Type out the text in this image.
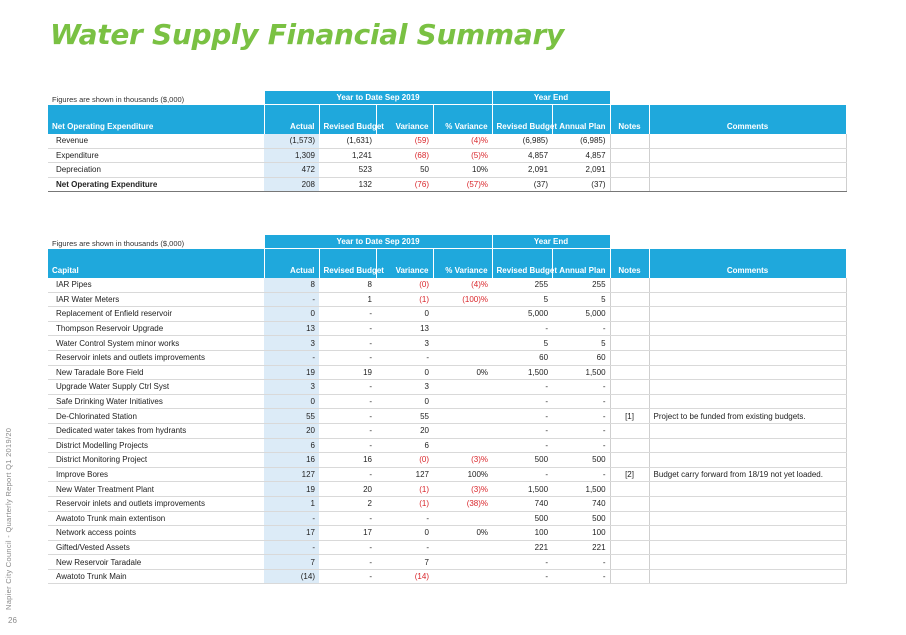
Water Supply Financial Summary
Napier City Council - Quarterly Report Q1 2019/20
26
Figures are shown in thousands ($,000)	Year to Date Sep 2019				Year End			
Net Operating Expenditure	Actual	Revised Budget	Variance	% Variance	Revised Budget	Annual Plan	Notes	Comments
Revenue	(1,573)	(1,631)	(59)	(4)%	(6,985)	(6,985)		
Expenditure	1,309	1,241	(68)	(5)%	4,857	4,857		
Depreciation	472	523	50	10%	2,091	2,091		
Net Operating Expenditure	208	132	(76)	(57)%	(37)	(37)		
Figures are shown in thousands ($,000)	Year to Date Sep 2019				Year End			
Capital	Actual	Revised Budget	Variance	% Variance	Revised Budget	Annual Plan	Notes	Comments
IAR Pipes	8	8	(0)	(4)%	255	255		
IAR Water Meters	-	1	(1)	(100)%	5	5		
Replacement of Enfield reservoir	0	-	0		5,000	5,000		
Thompson Reservoir Upgrade	13	-	13		-	-		
Water Control System minor works	3	-	3		5	5		
Reservoir inlets and outlets improvements	-	-	-		60	60		
New Taradale Bore Field	19	19	0	0%	1,500	1,500		
Upgrade Water Supply Ctrl Syst	3	-	3		-	-		
Safe Drinking Water Initiatives	0	-	0		-	-		
De-Chlorinated Station	55	-	55		-	-	[1]	Project to be funded from existing budgets.
Dedicated water takes from hydrants	20	-	20		-	-		
District Modelling Projects	6	-	6		-	-		
District Monitoring Project	16	16	(0)	(3)%	500	500		
Improve Bores	127	-	127	100%	-	-	[2]	Budget carry forward from 18/19 not yet loaded.
New Water Treatment Plant	19	20	(1)	(3)%	1,500	1,500		
Reservoir inlets and outlets improvements	1	2	(1)	(38)%	740	740		
Awatoto Trunk main extentison	-	-	-		500	500		
Network access points	17	17	0	0%	100	100		
Gifted/Vested Assets	-	-	-		221	221		
New Reservoir Taradale	7	-	7		-	-		
Awatoto Trunk Main	(14)	-	(14)		-	-		
